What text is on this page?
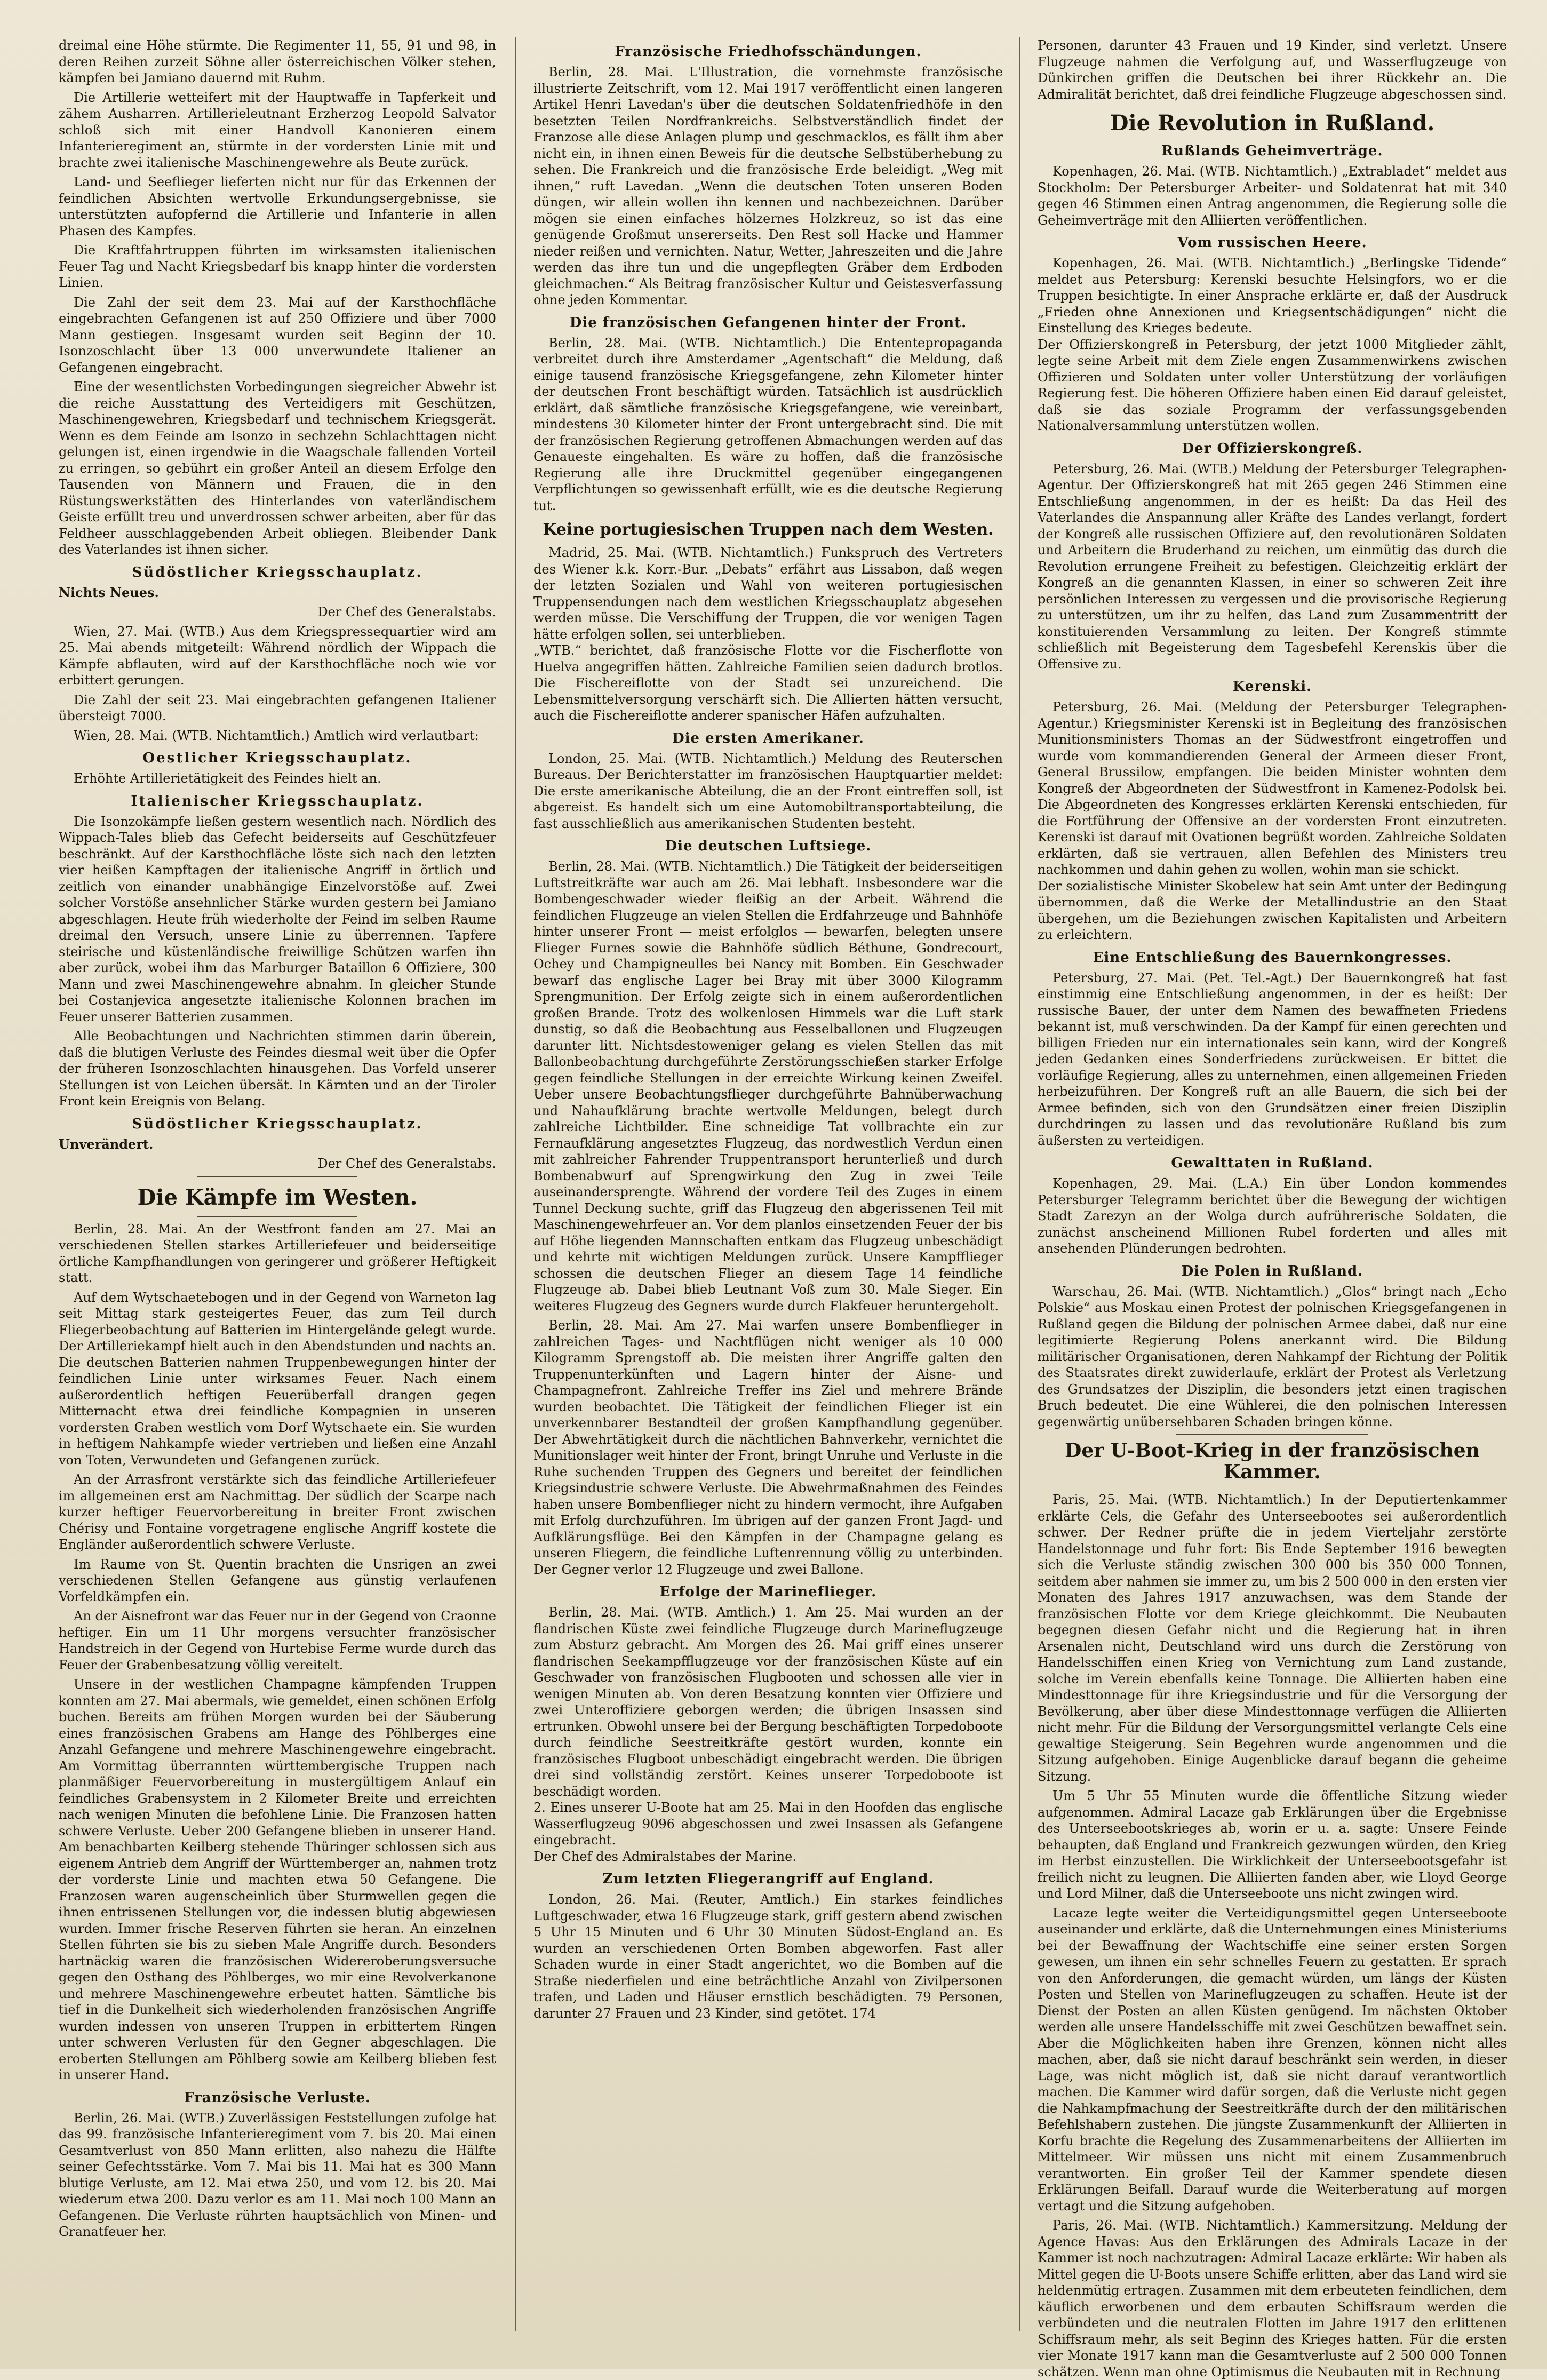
dreimal eine Höhe stürmte. Die Regimenter 11, 55, 91 und 98, in deren Reihen zurzeit Söhne aller österreichischen Völker stehen, kämpfen bei Jamiano dauernd mit Ruhm.

Die Artillerie wetteifert mit der Hauptwaffe in Tapferkeit und zähem Ausharren. Artillerieleutnant Erzherzog Leopold Salvator schloß sich mit einer Handvoll Kanonieren einem Infanterieregiment an, stürmte in der vordersten Linie mit und brachte zwei italienische Maschinengewehre als Beute zurück.

Land- und Seeflieger lieferten nicht nur für das Erkennen der feindlichen Absichten wertvolle Erkundungsergebnisse, sie unterstützten aufopfernd die Artillerie und Infanterie in allen Phasen des Kampfes.

Die Kraftfahrtruppen führten im wirksamsten italienischen Feuer Tag und Nacht Kriegsbedarf bis knapp hinter die vordersten Linien.

Die Zahl der seit dem 23. Mai auf der Karsthochfläche eingebrachten Gefangenen ist auf 250 Offiziere und über 7000 Mann gestiegen. Insgesamt wurden seit Beginn der 10. Isonzoschlacht über 13 000 unverwundete Italiener an Gefangenen eingebracht.

Eine der wesentlichsten Vorbedingungen siegreicher Abwehr ist die reiche Ausstattung des Verteidigers mit Geschützen, Maschinengewehren, Kriegsbedarf und technischem Kriegsgerät. Wenn es dem Feinde am Isonzo in sechzehn Schlachttagen nicht gelungen ist, einen irgendwie in die Waagschale fallenden Vorteil zu erringen, so gebührt ein großer Anteil an diesem Erfolge den Tausenden von Männern und Frauen, die in den Rüstungswerkstätten des Hinterlandes von vaterländischem Geiste erfüllt treu und unverdrossen schwer arbeiten, aber für das Feldheer ausschlaggebenden Arbeit obliegen. Bleibender Dank des Vaterlandes ist ihnen sicher.

Südöstlicher Kriegsschauplatz.

Nichts Neues.

Der Chef des Generalstabs.

Wien, 27. Mai. (WTB.) Aus dem Kriegspressequartier wird am 25. Mai abends mitgeteilt: Während nördlich der Wippach die Kämpfe abflauten, wird auf der Karsthochfläche noch wie vor erbittert gerungen.

Die Zahl der seit 23. Mai eingebrachten gefangenen Italiener übersteigt 7000.

Wien, 28. Mai. (WTB. Nichtamtlich.) Amtlich wird verlautbart:

Oestlicher Kriegsschauplatz.

Erhöhte Artillerietätigkeit des Feindes hielt an.

Italienischer Kriegsschauplatz.

Die Isonzokämpfe ließen gestern wesentlich nach. Nördlich des Wippach-Tales blieb das Gefecht beiderseits auf Geschützfeuer beschränkt. Auf der Karsthochfläche löste sich nach den letzten vier heißen Kampftagen der italienische Angriff in örtlich und zeitlich von einander unabhängige Einzelvorstöße auf. Zwei solcher Vorstöße ansehnlicher Stärke wurden gestern bei Jamiano abgeschlagen. Heute früh wiederholte der Feind im selben Raume dreimal den Versuch, unsere Linie zu überrennen. Tapfere steirische und küstenländische freiwillige Schützen warfen ihn aber zurück, wobei ihm das Marburger Bataillon 6 Offiziere, 300 Mann und zwei Maschinengewehre abnahm. In gleicher Stunde bei Costanjevica angesetzte italienische Kolonnen brachen im Feuer unserer Batterien zusammen.

Alle Beobachtungen und Nachrichten stimmen darin überein, daß die blutigen Verluste des Feindes diesmal weit über die Opfer der früheren Isonzoschlachten hinausgehen. Das Vorfeld unserer Stellungen ist von Leichen übersät. In Kärnten und an der Tiroler Front kein Ereignis von Belang.

Südöstlicher Kriegsschauplatz.

Unverändert.

Der Chef des Generalstabs.

Die Kämpfe im Westen.

Berlin, 28. Mai. An der Westfront fanden am 27. Mai an verschiedenen Stellen starkes Artilleriefeuer und beiderseitige örtliche Kampfhandlungen von geringerer und größerer Heftigkeit statt.

Auf dem Wytschaetebogen und in der Gegend von Warneton lag seit Mittag stark gesteigertes Feuer, das zum Teil durch Fliegerbeobachtung auf Batterien im Hintergelände gelegt wurde. Der Artilleriekampf hielt auch in den Abendstunden und nachts an. Die deutschen Batterien nahmen Truppenbewegungen hinter der feindlichen Linie unter wirksames Feuer. Nach einem außerordentlich heftigen Feuerüberfall drangen gegen Mitternacht etwa drei feindliche Kompagnien in unseren vordersten Graben westlich vom Dorf Wytschaete ein. Sie wurden in heftigem Nahkampfe wieder vertrieben und ließen eine Anzahl von Toten, Verwundeten und Gefangenen zurück.

An der Arrasfront verstärkte sich das feindliche Artilleriefeuer im allgemeinen erst am Nachmittag. Der südlich der Scarpe nach kurzer heftiger Feuervorbereitung in breiter Front zwischen Chérisy und Fontaine vorgetragene englische Angriff kostete die Engländer außerordentlich schwere Verluste.

Im Raume von St. Quentin brachten die Unsrigen an zwei verschiedenen Stellen Gefangene aus günstig verlaufenen Vorfeldkämpfen ein.

An der Aisnefront war das Feuer nur in der Gegend von Craonne heftiger. Ein um 11 Uhr morgens versuchter französischer Handstreich in der Gegend von Hurtebise Ferme wurde durch das Feuer der Grabenbesatzung völlig vereitelt.

Unsere in der westlichen Champagne kämpfenden Truppen konnten am 27. Mai abermals, wie gemeldet, einen schönen Erfolg buchen. Bereits am frühen Morgen wurden bei der Säuberung eines französischen Grabens am Hange des Pöhlberges eine Anzahl Gefangene und mehrere Maschinengewehre eingebracht. Am Vormittag überrannten württembergische Truppen nach planmäßiger Feuervorbereitung in mustergültigem Anlauf ein feindliches Grabensystem in 2 Kilometer Breite und erreichten nach wenigen Minuten die befohlene Linie. Die Franzosen hatten schwere Verluste. Ueber 200 Gefangene blieben in unserer Hand. Am benachbarten Keilberg stehende Thüringer schlossen sich aus eigenem Antrieb dem Angriff der Württemberger an, nahmen trotz der vorderste Linie und machten etwa 50 Gefangene. Die Franzosen waren augenscheinlich über Sturmwellen gegen die ihnen entrissenen Stellungen vor, die indessen blutig abgewiesen wurden. Immer frische Reserven führten sie heran. An einzelnen Stellen führten sie bis zu sieben Male Angriffe durch. Besonders hartnäckig waren die französischen Widereroberungsversuche gegen den Osthang des Pöhlberges, wo mir eine Revolverkanone und mehrere Maschinengewehre erbeutet hatten. Sämtliche bis tief in die Dunkelheit sich wiederholenden französischen Angriffe wurden indessen von unseren Truppen in erbittertem Ringen unter schweren Verlusten für den Gegner abgeschlagen. Die eroberten Stellungen am Pöhlberg sowie am Keilberg blieben fest in unserer Hand.

Französische Verluste.

Berlin, 26. Mai. (WTB.) Zuverlässigen Feststellungen zufolge hat das 99. französische Infanterieregiment vom 7. bis 20. Mai einen Gesamtverlust von 850 Mann erlitten, also nahezu die Hälfte seiner Gefechtsstärke. Vom 7. Mai bis 11. Mai hat es 300 Mann blutige Verluste, am 12. Mai etwa 250, und vom 12. bis 20. Mai wiederum etwa 200. Dazu verlor es am 11. Mai noch 100 Mann an Gefangenen. Die Verluste rührten hauptsächlich von Minen- und Granatfeuer her.

Französische Friedhofsschändungen.

Berlin, 28. Mai. L'Illustration, die vornehmste französische illustrierte Zeitschrift, vom 12. Mai 1917 veröffentlicht einen langeren Artikel Henri Lavedan's über die deutschen Soldatenfriedhöfe in den besetzten Teilen Nordfrankreichs. Selbstverständlich findet der Franzose alle diese Anlagen plump und geschmacklos, es fällt ihm aber nicht ein, in ihnen einen Beweis für die deutsche Selbstüberhebung zu sehen. Die Frankreich und die französische Erde beleidigt. „Weg mit ihnen,“ ruft Lavedan. „Wenn die deutschen Toten unseren Boden düngen, wir allein wollen ihn kennen und nachbezeichnen. Darüber mögen sie einen einfaches hölzernes Holzkreuz, so ist das eine genügende Großmut unsererseits. Den Rest soll Hacke und Hammer nieder reißen und vernichten. Natur, Wetter, Jahreszeiten und die Jahre werden das ihre tun und die ungepflegten Gräber dem Erdboden gleichmachen.“ Als Beitrag französischer Kultur und Geistesverfassung ohne jeden Kommentar.

Die französischen Gefangenen hinter der Front.

Berlin, 28. Mai. (WTB. Nichtamtlich.) Die Ententepropaganda verbreitet durch ihre Amsterdamer „Agentschaft“ die Meldung, daß einige tausend französische Kriegsgefangene, zehn Kilometer hinter der deutschen Front beschäftigt würden. Tatsächlich ist ausdrücklich erklärt, daß sämtliche französische Kriegsgefangene, wie vereinbart, mindestens 30 Kilometer hinter der Front untergebracht sind. Die mit der französischen Regierung getroffenen Abmachungen werden auf das Genaueste eingehalten. Es wäre zu hoffen, daß die französische Regierung alle ihre Druckmittel gegenüber eingegangenen Verpflichtungen so gewissenhaft erfüllt, wie es die deutsche Regierung tut.

Keine portugiesischen Truppen nach dem Westen.

Madrid, 25. Mai. (WTB. Nichtamtlich.) Funkspruch des Vertreters des Wiener k.k. Korr.-Bur. „Debats“ erfährt aus Lissabon, daß wegen der letzten Sozialen und Wahl von weiteren portugiesischen Truppensendungen nach dem westlichen Kriegsschauplatz abgesehen werden müsse. Die Verschiffung der Truppen, die vor wenigen Tagen hätte erfolgen sollen, sei unterblieben.
„WTB.“ berichtet, daß französische Flotte vor die Fischerflotte von Huelva angegriffen hätten. Zahlreiche Familien seien dadurch brotlos. Die Fischereiflotte von der Stadt sei unzureichend. Die Lebensmittelversorgung verschärft sich. Die Allierten hätten versucht, auch die Fischereiflotte anderer spanischer Häfen aufzuhalten.

Die ersten Amerikaner.

London, 25. Mai. (WTB. Nichtamtlich.) Meldung des Reuterschen Bureaus. Der Berichterstatter im französischen Hauptquartier meldet: Die erste amerikanische Abteilung, die an der Front eintreffen soll, ist abgereist. Es handelt sich um eine Automobiltransportabteilung, die fast ausschließlich aus amerikanischen Studenten besteht.

Die deutschen Luftsiege.

Berlin, 28. Mai. (WTB. Nichtamtlich.) Die Tätigkeit der beiderseitigen Luftstreitkräfte war auch am 26. Mai lebhaft. Insbesondere war die Bombengeschwader wieder fleißig an der Arbeit. Während die feindlichen Flugzeuge an vielen Stellen die Erdfahrzeuge und Bahnhöfe hinter unserer Front — meist erfolglos — bewarfen, belegten unsere Flieger Furnes sowie die Bahnhöfe südlich Béthune, Gondrecourt, Ochey und Champigneulles bei Nancy mit Bomben. Ein Geschwader bewarf das englische Lager bei Bray mit über 3000 Kilogramm Sprengmunition. Der Erfolg zeigte sich in einem außerordentlichen großen Brande. Trotz des wolkenlosen Himmels war die Luft stark dunstig, so daß die Beobachtung aus Fesselballonen und Flugzeugen darunter litt. Nichtsdestoweniger gelang es vielen Stellen das mit Ballonbeobachtung durchgeführte Zerstörungsschießen starker Erfolge gegen feindliche Stellungen in der erreichte Wirkung keinen Zweifel. Ueber unsere Beobachtungsflieger durchgeführte Bahnüberwachung und Nahaufklärung brachte wertvolle Meldungen, belegt durch zahlreiche Lichtbilder. Eine schneidige Tat vollbrachte ein zur Fernaufklärung angesetztes Flugzeug, das nordwestlich Verdun einen mit zahlreicher Fahrender Truppentransport herunterließ und durch Bombenabwurf auf Sprengwirkung den Zug in zwei Teile auseinandersprengte. Während der vordere Teil des Zuges in einem Tunnel Deckung suchte, griff das Flugzeug den abgerissenen Teil mit Maschinengewehrfeuer an. Vor dem planlos einsetzenden Feuer der bis auf Höhe liegenden Mannschaften entkam das Flugzeug unbeschädigt und kehrte mit wichtigen Meldungen zurück. Unsere Kampfflieger schossen die deutschen Flieger an diesem Tage 14 feindliche Flugzeuge ab. Dabei blieb Leutnant Voß zum 30. Male Sieger. Ein weiteres Flugzeug des Gegners wurde durch Flakfeuer heruntergeholt.

Berlin, 28. Mai. Am 27. Mai warfen unsere Bombenflieger in zahlreichen Tages- und Nachtflügen nicht weniger als 10 000 Kilogramm Sprengstoff ab. Die meisten ihrer Angriffe galten den Truppenunterkünften und Lagern hinter der Aisne- und Champagnefront. Zahlreiche Treffer ins Ziel und mehrere Brände wurden beobachtet. Die Tätigkeit der feindlichen Flieger ist ein unverkennbarer Bestandteil der großen Kampfhandlung gegenüber. Der Abwehrtätigkeit durch die nächtlichen Bahnverkehr, vernichtet die Munitionslager weit hinter der Front, bringt Unruhe und Verluste in die Ruhe suchenden Truppen des Gegners und bereitet der feindlichen Kriegsindustrie schwere Verluste. Die Abwehrmaßnahmen des Feindes haben unsere Bombenflieger nicht zu hindern vermocht, ihre Aufgaben mit Erfolg durchzuführen. Im übrigen auf der ganzen Front Jagd- und Aufklärungsflüge. Bei den Kämpfen in der Champagne gelang es unseren Fliegern, die feindliche Luftenrennung völlig zu unterbinden. Der Gegner verlor 12 Flugzeuge und zwei Ballone.

Erfolge der Marineflieger.

Berlin, 28. Mai. (WTB. Amtlich.) 1. Am 25. Mai wurden an der flandrischen Küste zwei feindliche Flugzeuge durch Marineflugzeuge zum Absturz gebracht. Am Morgen des 26. Mai griff eines unserer flandrischen Seekampfflugzeuge vor der französischen Küste auf ein Geschwader von französischen Flugbooten und schossen alle vier in wenigen Minuten ab. Von deren Besatzung konnten vier Offiziere und zwei Unteroffiziere geborgen werden; die übrigen Insassen sind ertrunken. Obwohl unsere bei der Bergung beschäftigten Torpedoboote durch feindliche Seestreitkräfte gestört wurden, konnte ein französisches Flugboot unbeschädigt eingebracht werden. Die übrigen drei sind vollständig zerstört. Keines unserer Torpedoboote ist beschädigt worden.
2. Eines unserer U-Boote hat am 25. Mai in den Hoofden das englische Wasserflugzeug 9096 abgeschossen und zwei Insassen als Gefangene eingebracht.
Der Chef des Admiralstabes der Marine.

Zum letzten Fliegerangriff auf England.

London, 26. Mai. (Reuter, Amtlich.) Ein starkes feindliches Luftgeschwader, etwa 16 Flugzeuge stark, griff gestern abend zwischen 5 Uhr 15 Minuten und 6 Uhr 30 Minuten Südost-England an. Es wurden an verschiedenen Orten Bomben abgeworfen. Fast aller Schaden wurde in einer Stadt angerichtet, wo die Bomben auf die Straße niederfielen und eine beträchtliche Anzahl von Zivilpersonen trafen, und Laden und Häuser ernstlich beschädigten. 79 Personen, darunter 27 Frauen und 23 Kinder, sind getötet. 174

Personen, darunter 43 Frauen und 19 Kinder, sind verletzt. Unsere Flugzeuge nahmen die Verfolgung auf, und Wasserflugzeuge von Dünkirchen griffen die Deutschen bei ihrer Rückkehr an. Die Admiralität berichtet, daß drei feindliche Flugzeuge abgeschossen sind.

Die Revolution in Rußland.
Rußlands Geheimverträge.

Kopenhagen, 26. Mai. (WTB. Nichtamtlich.) „Extrabladet“ meldet aus Stockholm: Der Petersburger Arbeiter- und Soldatenrat hat mit 340 gegen 46 Stimmen einen Antrag angenommen, die Regierung solle die Geheimverträge mit den Alliierten veröffentlichen.

Vom russischen Heere.

Kopenhagen, 26. Mai. (WTB. Nichtamtlich.) „Berlingske Tidende“ meldet aus Petersburg: Kerenski besuchte Helsingfors, wo er die Truppen besichtigte. In einer Ansprache erklärte er, daß der Ausdruck „Frieden ohne Annexionen und Kriegsentschädigungen“ nicht die Einstellung des Krieges bedeute.
Der Offizierskongreß in Petersburg, der jetzt 1000 Mitglieder zählt, legte seine Arbeit mit dem Ziele engen Zusammenwirkens zwischen Offizieren und Soldaten unter voller Unterstützung der vorläufigen Regierung fest. Die höheren Offiziere haben einen Eid darauf geleistet, daß sie das soziale Programm der verfassungsgebenden Nationalversammlung unterstützen wollen.

Der Offizierskongreß.

Petersburg, 26. Mai. (WTB.) Meldung der Petersburger Telegraphen-Agentur. Der Offizierskongreß hat mit 265 gegen 246 Stimmen eine Entschließung angenommen, in der es heißt: Da das Heil des Vaterlandes die Anspannung aller Kräfte des Landes verlangt, fordert der Kongreß alle russischen Offiziere auf, den revolutionären Soldaten und Arbeitern die Bruderhand zu reichen, um einmütig das durch die Revolution errungene Freiheit zu befestigen. Gleichzeitig erklärt der Kongreß an die genannten Klassen, in einer so schweren Zeit ihre persönlichen Interessen zu vergessen und die provisorische Regierung zu unterstützen, um ihr zu helfen, das Land zum Zusammentritt der konstituierenden Versammlung zu leiten. Der Kongreß stimmte schließlich mit Begeisterung dem Tagesbefehl Kerenskis über die Offensive zu.

Kerenski.

Petersburg, 26. Mai. (Meldung der Petersburger Telegraphen-Agentur.) Kriegsminister Kerenski ist in Begleitung des französischen Munitionsministers Thomas an der Südwestfront eingetroffen und wurde vom kommandierenden General der Armeen dieser Front, General Brussilow, empfangen. Die beiden Minister wohnten dem Kongreß der Abgeordneten der Südwestfront in Kamenez-Podolsk bei. Die Abgeordneten des Kongresses erklärten Kerenski entschieden, für die Fortführung der Offensive an der vordersten Front einzutreten. Kerenski ist darauf mit Ovationen begrüßt worden. Zahlreiche Soldaten erklärten, daß sie vertrauen, allen Befehlen des Ministers treu nachkommen und dahin gehen zu wollen, wohin man sie schickt.
Der sozialistische Minister Skobelew hat sein Amt unter der Bedingung übernommen, daß die Werke der Metallindustrie an den Staat übergehen, um die Beziehungen zwischen Kapitalisten und Arbeitern zu erleichtern.

Eine Entschließung des Bauernkongresses.

Petersburg, 27. Mai. (Pet. Tel.-Agt.) Der Bauernkongreß hat fast einstimmig eine Entschließung angenommen, in der es heißt: Der russische Bauer, der unter dem Namen des bewaffneten Friedens bekannt ist, muß verschwinden. Da der Kampf für einen gerechten und billigen Frieden nur ein internationales sein kann, wird der Kongreß jeden Gedanken eines Sonderfriedens zurückweisen. Er bittet die vorläufige Regierung, alles zu unternehmen, einen allgemeinen Frieden herbeizuführen. Der Kongreß ruft an alle Bauern, die sich bei der Armee befinden, sich von den Grundsätzen einer freien Disziplin durchdringen zu lassen und das revolutionäre Rußland bis zum äußersten zu verteidigen.

Gewalttaten in Rußland.

Kopenhagen, 29. Mai. (L.A.) Ein über London kommendes Petersburger Telegramm berichtet über die Bewegung der wichtigen Stadt Zarezyn an der Wolga durch aufrührerische Soldaten, die zunächst anscheinend Millionen Rubel forderten und alles mit ansehenden Plünderungen bedrohten.

Die Polen in Rußland.

Warschau, 26. Mai. (WTB. Nichtamtlich.) „Glos“ bringt nach „Echo Polskie“ aus Moskau einen Protest der polnischen Kriegsgefangenen in Rußland gegen die Bildung der polnischen Armee dabei, daß nur eine legitimierte Regierung Polens anerkannt wird. Die Bildung militärischer Organisationen, deren Nahkampf der Richtung der Politik des Staatsrates direkt zuwiderlaufe, erklärt der Protest als Verletzung des Grundsatzes der Disziplin, die besonders jetzt einen tragischen Bruch bedeutet. Die eine Wühlerei, die den polnischen Interessen gegenwärtig unübersehbaren Schaden bringen könne.

Der U-Boot-Krieg in der französischen Kammer.

Paris, 25. Mai. (WTB. Nichtamtlich.) In der Deputiertenkammer erklärte Cels, die Gefahr des Unterseebootes sei außerordentlich schwer. Der Redner prüfte die in jedem Vierteljahr zerstörte Handelstonnage und fuhr fort: Bis Ende September 1916 bewegten sich die Verluste ständig zwischen 300 000 bis 350 000 Tonnen, seitdem aber nahmen sie immer zu, um bis 2 500 000 in den ersten vier Monaten des Jahres 1917 anzuwachsen, was dem Stande der französischen Flotte vor dem Kriege gleichkommt. Die Neubauten begegnen diesen Gefahr nicht und die Regierung hat in ihren Arsenalen nicht, Deutschland wird uns durch die Zerstörung von Handelsschiffen einen Krieg von Vernichtung zum Land zustande, solche im Verein ebenfalls keine Tonnage. Die Alliierten haben eine Mindesttonnage für ihre Kriegsindustrie und für die Versorgung der Bevölkerung, aber über diese Mindesttonnage verfügen die Alliierten nicht mehr. Für die Bildung der Versorgungsmittel verlangte Cels eine gewaltige Steigerung. Sein Begehren wurde angenommen und die Sitzung aufgehoben. Einige Augenblicke darauf begann die geheime Sitzung.

Um 5 Uhr 55 Minuten wurde die öffentliche Sitzung wieder aufgenommen. Admiral Lacaze gab Erklärungen über die Ergebnisse des Unterseebootskrieges ab, worin er u. a. sagte: Unsere Feinde behaupten, daß England und Frankreich gezwungen würden, den Krieg im Herbst einzustellen. Die Wirklichkeit der Unterseebootsgefahr ist freilich nicht zu leugnen. Die Alliierten fanden aber, wie Lloyd George und Lord Milner, daß die Unterseeboote uns nicht zwingen wird.

Lacaze legte weiter die Verteidigungsmittel gegen Unterseeboote auseinander und erklärte, daß die Unternehmungen eines Ministeriums bei der Bewaffnung der Wachtschiffe eine seiner ersten Sorgen gewesen, um ihnen ein sehr schnelles Feuern zu gestatten. Er sprach von den Anforderungen, die gemacht würden, um längs der Küsten Posten und Stellen von Marineflugzeugen zu schaffen. Heute ist der Dienst der Posten an allen Küsten genügend. Im nächsten Oktober werden alle unsere Handelsschiffe mit zwei Geschützen bewaffnet sein. Aber die Möglichkeiten haben ihre Grenzen, können nicht alles machen, aber, daß sie nicht darauf beschränkt sein werden, in dieser Lage, was nicht möglich ist, daß sie nicht darauf verantwortlich machen. Die Kammer wird dafür sorgen, daß die Verluste nicht gegen die Nahkampfmachung der Seestreitkräfte durch der den militärischen Befehlshabern zustehen. Die jüngste Zusammenkunft der Alliierten in Korfu brachte die Regelung des Zusammenarbeitens der Alliierten im Mittelmeer. Wir müssen uns nicht mit einem Zusammenbruch verantworten. Ein großer Teil der Kammer spendete diesen Erklärungen Beifall. Darauf wurde die Weiterberatung auf morgen vertagt und die Sitzung aufgehoben.

Paris, 26. Mai. (WTB. Nichtamtlich.) Kammersitzung. Meldung der Agence Havas: Aus den Erklärungen des Admirals Lacaze in der Kammer ist noch nachzutragen: Admiral Lacaze erklärte: Wir haben als Mittel gegen die U-Boots unsere Schiffe erlitten, aber das Land wird sie heldenmütig ertragen. Zusammen mit dem erbeuteten feindlichen, dem käuflich erworbenen und dem erbauten Schiffsraum werden die verbündeten und die neutralen Flotten im Jahre 1917 den erlittenen Schiffsraum mehr, als seit Beginn des Krieges hatten. Für die ersten vier Monate 1917 kann man die Gesamtverluste auf 2 500 000 Tonnen schätzen. Wenn man ohne Optimismus die Neubauten mit in Rechnung
